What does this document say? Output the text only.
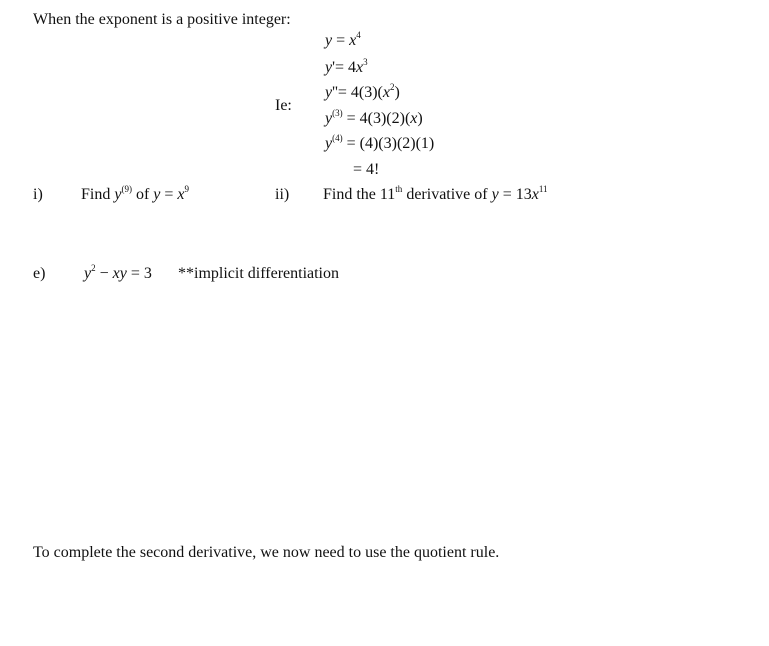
When the exponent is a positive integer:
$y = x^4$
$y'= 4x^3$
$y''= 4(3)(x^2)$
Ie:
$y^{(3)} = 4(3)(2)(x)$
$y^{(4)} = (4)(3)(2)(1)$
= 4!
i) Find $y^{(9)}$ of $y = x^9$	ii) Find the 11th derivative of $y = 13x^{11}$
e) $y^2$ − xy = 3 **implicit differentiation
To complete the second derivative, we now need to use the quotient rule.
